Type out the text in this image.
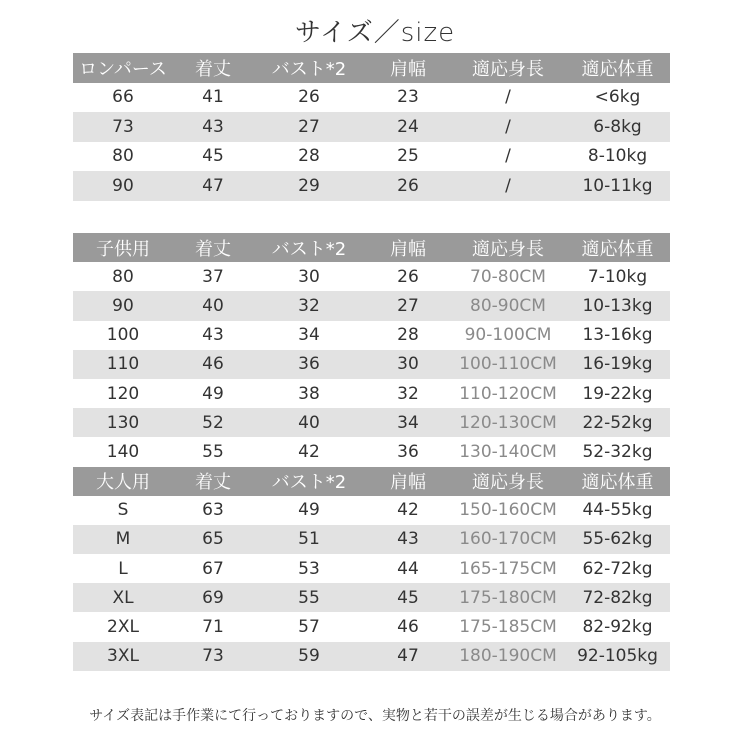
サイズ／size
ロンパース	着丈	バスト*2	肩幅	適応身長	適応体重
66	41	26	23	/	<6kg
73	43	27	24	/	6-8kg
80	45	28	25	/	8-10kg
90	47	29	26	/	10-11kg
子供用	着丈	バスト*2	肩幅	適応身長	適応体重
80	37	30	26	70-80CM	7-10kg
90	40	32	27	80-90CM	10-13kg
100	43	34	28	90-100CM	13-16kg
110	46	36	30	100-110CM	16-19kg
120	49	38	32	110-120CM	19-22kg
130	52	40	34	120-130CM	22-52kg
140	55	42	36	130-140CM	52-32kg
大人用	着丈	バスト*2	肩幅	適応身長	適応体重
S	63	49	42	150-160CM	44-55kg
M	65	51	43	160-170CM	55-62kg
L	67	53	44	165-175CM	62-72kg
XL	69	55	45	175-180CM	72-82kg
2XL	71	57	46	175-185CM	82-92kg
3XL	73	59	47	180-190CM	92-105kg
サイズ表記は手作業にて行っておりますので、実物と若干の誤差が生じる場合があります。
